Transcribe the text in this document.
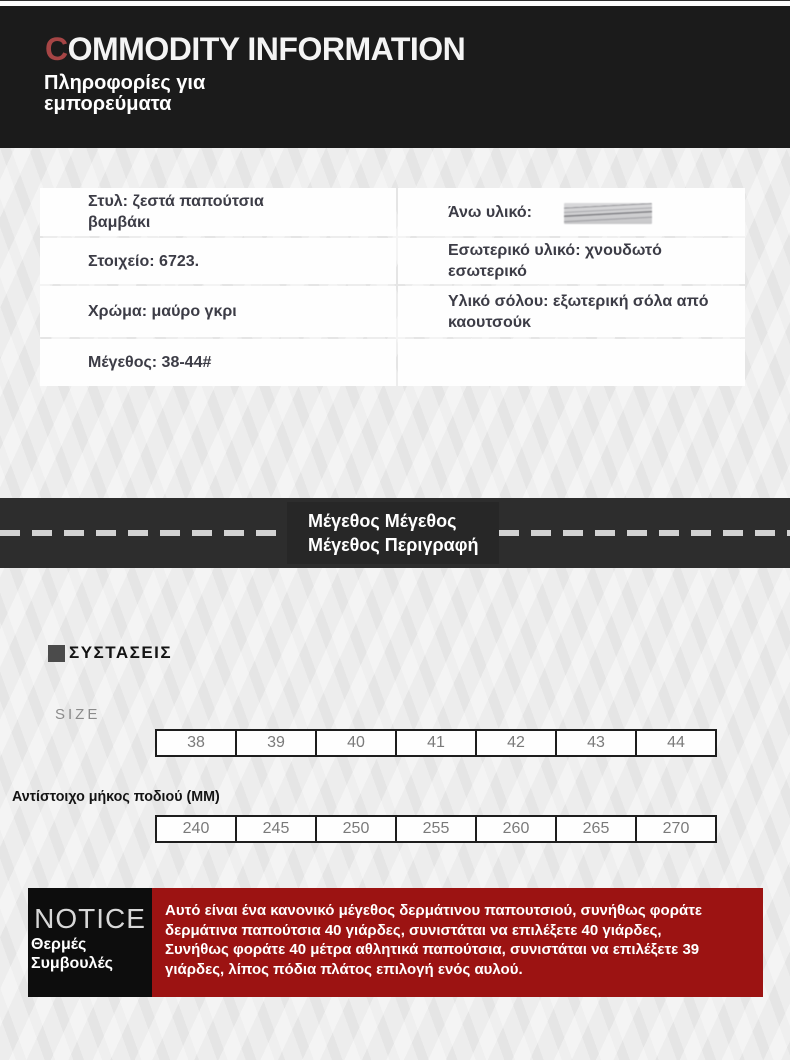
COMMODITY INFORMATION
Πληροφορίες για
εμπορεύματα
Στυλ: ζεστά παπούτσια βαμβάκι
Άνω υλικό:
Στοιχείο: 6723.
Εσωτερικό υλικό: χνουδωτό εσωτερικό
Χρώμα: μαύρο γκρι
Υλικό σόλου: εξωτερική σόλα από καουτσούκ
Μέγεθος: 38-44#
Μέγεθος Μέγεθος
Μέγεθος Περιγραφή
ΣΥΣΤΑΣΕΙΣ
SIZE
38	39	40	41	42	43	44
Αντίστοιχο μήκος ποδιού (MM)
240	245	250	255	260	265	270
NOTICE
Θερμές
Συμβουλές
Αυτό είναι ένα κανονικό μέγεθος δερμάτινου παπουτσιού, συνήθως φοράτε
δερμάτινα παπούτσια 40 γιάρδες, συνιστάται να επιλέξετε 40 γιάρδες,
Συνήθως φοράτε 40 μέτρα αθλητικά παπούτσια, συνιστάται να επιλέξετε 39
γιάρδες, λίπος πόδια πλάτος επιλογή ενός αυλού.
